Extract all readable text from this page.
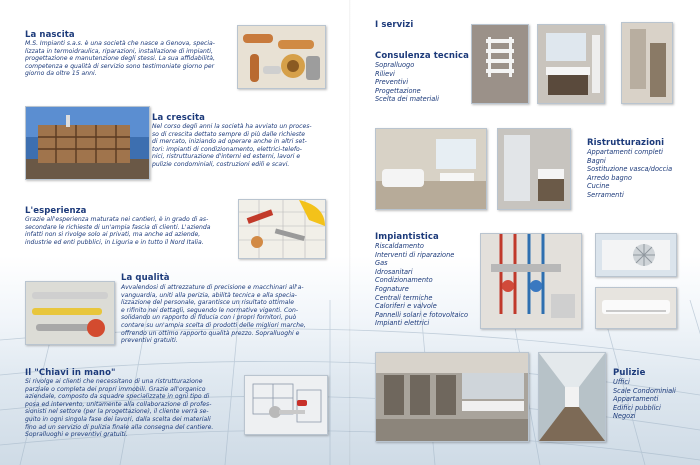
La nascita

M.S. Impianti s.a.s. è una società che nasce a Genova, specia-

lizzata in termoidraulica, riparazioni, installazione di impianti,

progettazione e manutenzione degli stessi. La sua affidabilità,

competenza e qualità di servizio sono testimoniate giorno per

giorno da oltre 15 anni.

La crescita

Nel corso degli anni la società ha avviato un proces-

so di crescita dettato sempre di più dalle richieste

di mercato, iniziando ad operare anche in altri set-

tori: impianti di condizionamento, elettrici-telefo-

nici, ristrutturazione d'interni ed esterni, lavori e

pulizie condominiali, costruzioni edili e scavi.

L'esperienza

Grazie all'esperienza maturata nei cantieri, è in grado di as-

secondare le richieste di un'ampia fascia di clienti. L'azienda

infatti non si rivolge solo ai privati, ma anche ad aziende,

industrie ed enti pubblici, in Liguria e in tutto il Nord Italia.

La qualità

Avvalendosi di attrezzature di precisione e macchinari all'a-

vanguardia, uniti alla perizia, abilità tecnica e alla specia-

lizzazione del personale, garantisce un risultato ottimale

e rifinito nei dettagli, seguendo le normative vigenti. Con-

solidando un rapporto di fiducia con i propri fornitori, può

contare su un'ampia scelta di prodotti delle migliori marche,

offrendo un ottimo rapporto qualità prezzo. Sopralluoghi e

preventivi gratuiti.

Il "Chiavi in mano"

Si rivolge ai clienti che necessitano di una ristrutturazione

parziale o completa dei propri immobili. Grazie all'organico

aziendale, composto da squadre specializzate in ogni tipo di

posa ed intervento, unitamente alla collaborazione di profes-

sionisti nel settore (per la progettazione), il cliente verrà se-

guito in ogni singola fase dei lavori, dalla scelta dei materiali

fino ad un servizio di pulizia finale alla consegna del cantiere.

Sopralluoghi e preventivi gratuiti.

I servizi
Consulenza tecnica
Sopralluogo
Rilievi
Preventivi
Progettazione
Scelta dei materiali
Ristrutturazioni
Appartamenti completi
Bagni
Sostituzione vasca/doccia
Arredo bagno
Cucine
Serramenti
Impiantistica
Riscaldamento
Interventi di riparazione
Gas
Idrosanitari
Condizionamento
Fognature
Centrali termiche
Caloriferi e valvole
Pannelli solari e fotovoltaico
Impianti elettrici
Pulizie
Uffici
Scale Condominiali
Appartamenti
Edifici pubblici
Negozi
